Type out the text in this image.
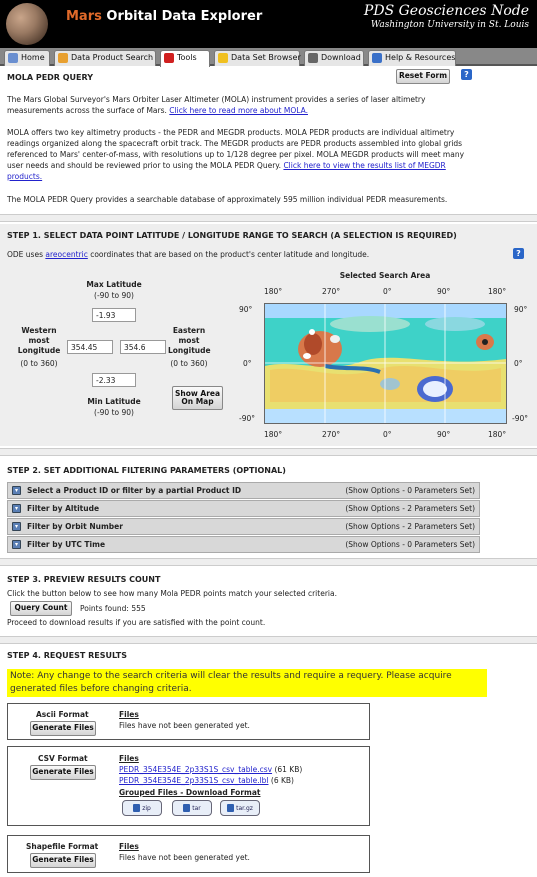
Mars Orbital Data Explorer	PDS Geosciences Node
Washington University in St. Louis
Home	Data Product Search	Tools	Data Set Browser	Download	Help & Resources
MOLA PEDR QUERY	Reset Form	?
The Mars Global Surveyor's Mars Orbiter Laser Altimeter (MOLA) instrument provides a series of laser altimetry measurements across the surface of Mars. Click here to read more about MOLA.
MOLA offers two key altimetry products - the PEDR and MEGDR products. MOLA PEDR products are individual altimetry readings organized along the spacecraft orbit track. The MEGDR products are PEDR products assembled into global grids referenced to Mars' center-of-mass, with resolutions up to 1/128 degree per pixel. MOLA MEGDR products will meet many user needs and should be reviewed prior to using the MOLA PEDR Query. Click here to view the results list of MEGDR products.
The MOLA PEDR Query provides a searchable database of approximately 595 million individual PEDR measurements.
STEP 1. SELECT DATA POINT LATITUDE / LONGITUDE RANGE TO SEARCH (A SELECTION IS REQUIRED)
ODE uses areocentric coordinates that are based on the product's center latitude and longitude.	?
Max Latitude
(-90 to 90)
-1.93
Western
most
Longitude
(0 to 360)
354.45	354.6
Eastern
most
Longitude
(0 to 360)
-2.33
Min Latitude
(-90 to 90)
Show Area
On Map
Selected Search Area
180°	270°	0°	90°	180°
180°	270°	0°	90°	180°
90°
0°
-90°
90°
0°
-90°
STEP 2. SET ADDITIONAL FILTERING PARAMETERS (OPTIONAL)
▾	Select a Product ID or filter by a partial Product ID	(Show Options - 0 Parameters Set)
▾	Filter by Altitude	(Show Options - 2 Parameters Set)
▾	Filter by Orbit Number	(Show Options - 2 Parameters Set)
▾	Filter by UTC Time	(Show Options - 0 Parameters Set)
STEP 3. PREVIEW RESULTS COUNT
Click the button below to see how many Mola PEDR points match your selected criteria.
Query Count	Points found: 555
Proceed to download results if you are satisfied with the point count.
STEP 4. REQUEST RESULTS
Note: Any change to the search criteria will clear the results and require a requery. Please acquire generated files before changing criteria.
Ascii Format
Generate Files
Files
Files have not been generated yet.
CSV Format
Generate Files
Files
PEDR_354E354E_2p33S1S_csv_table.csv (61 KB)
PEDR_354E354E_2p33S1S_csv_table.lbl (6 KB)
Grouped Files - Download Format
zip	tar	tar.gz
Shapefile Format
Generate Files
Files
Files have not been generated yet.
